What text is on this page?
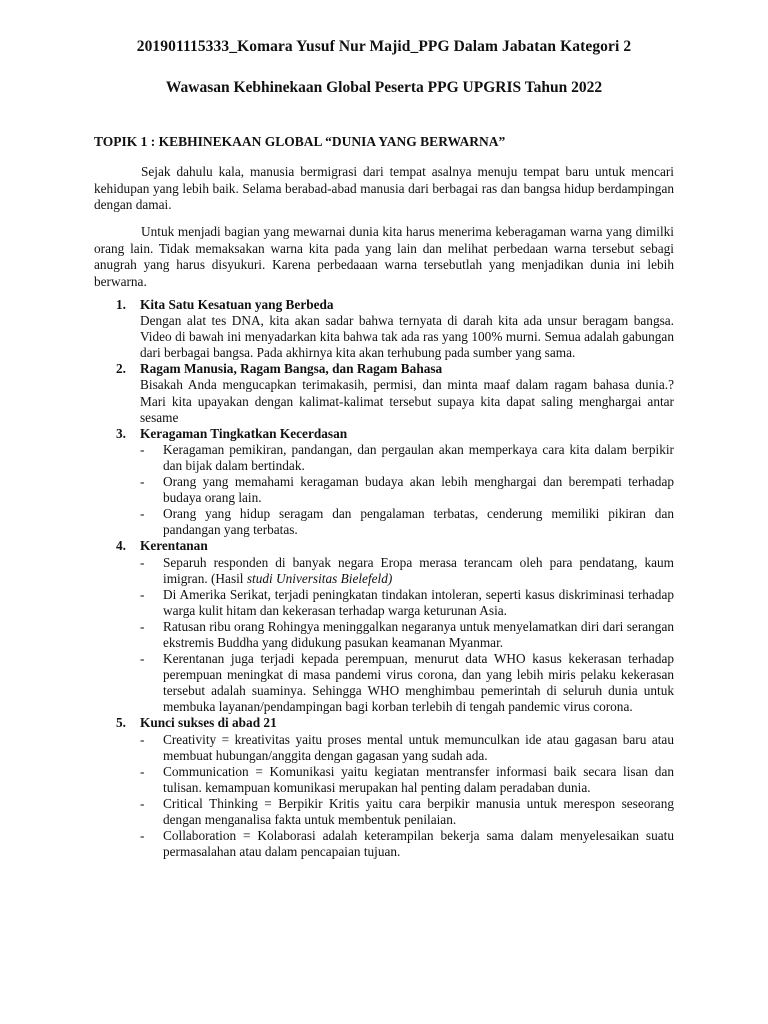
201901115333_Komara Yusuf Nur Majid_PPG Dalam Jabatan Kategori 2
Wawasan Kebhinekaan Global Peserta PPG UPGRIS Tahun 2022
TOPIK 1 : KEBHINEKAAN GLOBAL “DUNIA YANG BERWARNA”
Sejak dahulu kala, manusia bermigrasi dari tempat asalnya menuju tempat baru untuk mencari kehidupan yang lebih baik. Selama berabad-abad manusia dari berbagai ras dan bangsa hidup berdampingan dengan damai.
Untuk menjadi bagian yang mewarnai dunia kita harus menerima keberagaman warna yang dimilki orang lain. Tidak memaksakan warna kita pada yang lain dan melihat perbedaan warna tersebut sebagi anugrah yang harus disyukuri. Karena perbedaaan warna tersebutlah yang menjadikan dunia ini lebih berwarna.
1. Kita Satu Kesatuan yang Berbeda
Dengan alat tes DNA, kita akan sadar bahwa ternyata di darah kita ada unsur beragam bangsa. Video di bawah ini menyadarkan kita bahwa tak ada ras yang 100% murni. Semua adalah gabungan dari berbagai bangsa. Pada akhirnya kita akan terhubung pada sumber yang sama.
2. Ragam Manusia, Ragam Bangsa, dan Ragam Bahasa
Bisakah Anda mengucapkan terimakasih, permisi, dan minta maaf dalam ragam bahasa dunia.? Mari kita upayakan dengan kalimat-kalimat tersebut supaya kita dapat saling menghargai antar sesame
3. Keragaman Tingkatkan Kecerdasan
- Keragaman pemikiran, pandangan, dan pergaulan akan memperkaya cara kita dalam berpikir dan bijak dalam bertindak.
- Orang yang memahami keragaman budaya akan lebih menghargai dan berempati terhadap budaya orang lain.
- Orang yang hidup seragam dan pengalaman terbatas, cenderung memiliki pikiran dan pandangan yang terbatas.
4. Kerentanan
- Separuh responden di banyak negara Eropa merasa terancam oleh para pendatang, kaum imigran. (Hasil studi Universitas Bielefeld)
- Di Amerika Serikat, terjadi peningkatan tindakan intoleran, seperti kasus diskriminasi terhadap warga kulit hitam dan kekerasan terhadap warga keturunan Asia.
- Ratusan ribu orang Rohingya meninggalkan negaranya untuk menyelamatkan diri dari serangan ekstremis Buddha yang didukung pasukan keamanan Myanmar.
- Kerentanan juga terjadi kepada perempuan, menurut data WHO kasus kekerasan terhadap perempuan meningkat di masa pandemi virus corona, dan yang lebih miris pelaku kekerasan tersebut adalah suaminya. Sehingga WHO menghimbau pemerintah di seluruh dunia untuk membuka layanan/pendampingan bagi korban terlebih di tengah pandemic virus corona.
5. Kunci sukses di abad 21
- Creativity = kreativitas yaitu proses mental untuk memunculkan ide atau gagasan baru atau membuat hubungan/anggita dengan gagasan yang sudah ada.
- Communication = Komunikasi yaitu kegiatan mentransfer informasi baik secara lisan dan tulisan. kemampuan komunikasi merupakan hal penting dalam peradaban dunia.
- Critical Thinking = Berpikir Kritis yaitu cara berpikir manusia untuk merespon seseorang dengan menganalisa fakta untuk membentuk penilaian.
- Collaboration = Kolaborasi adalah keterampilan bekerja sama dalam menyelesaikan suatu permasalahan atau dalam pencapaian tujuan.
